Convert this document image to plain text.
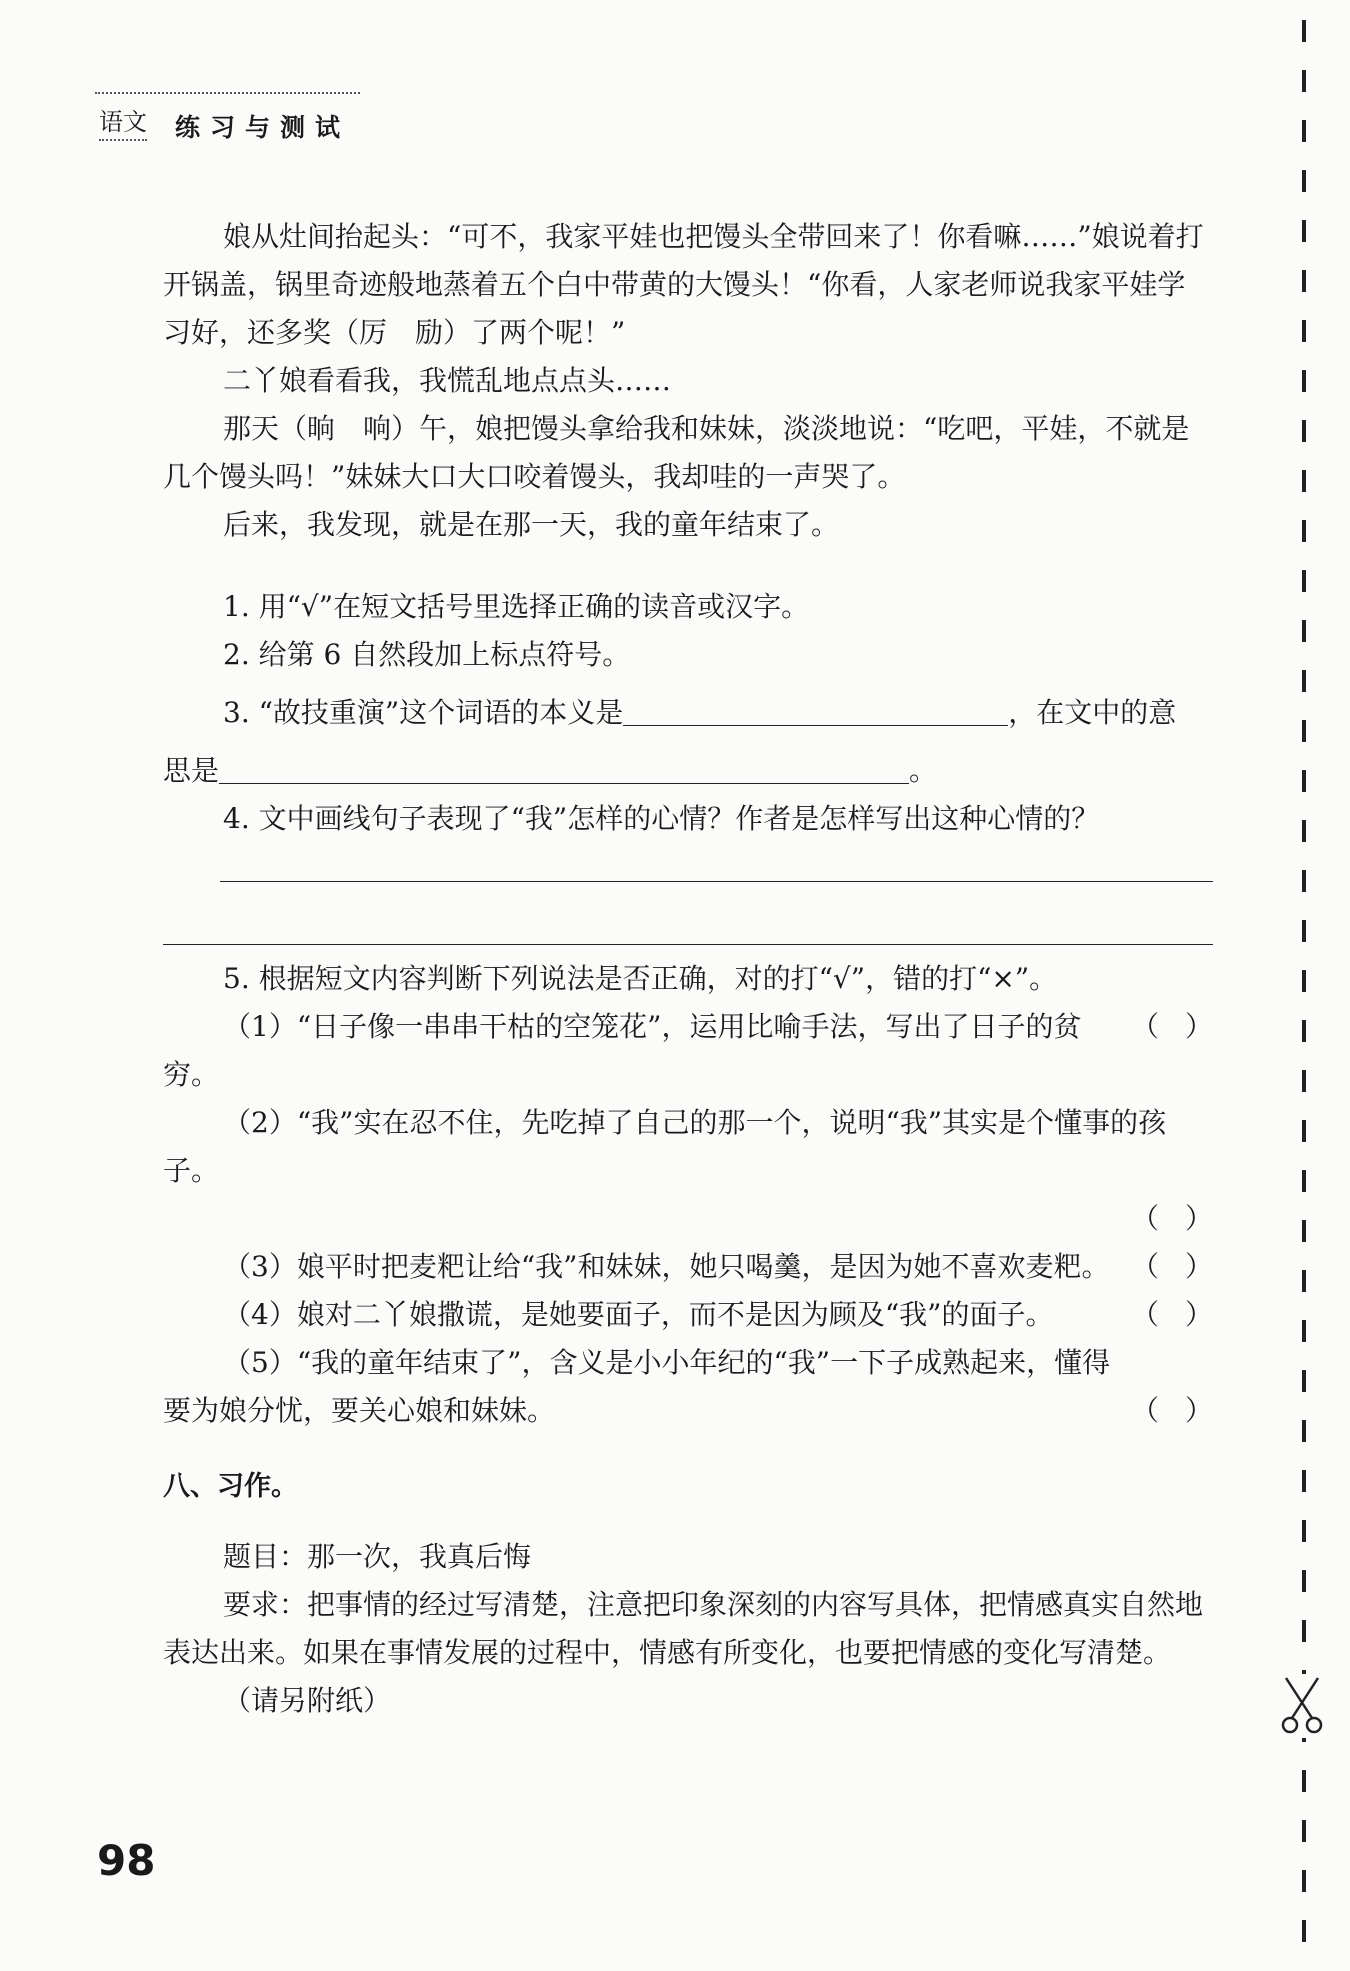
语文 练习与测试

娘从灶间抬起头：“可不，我家平娃也把馒头全带回来了！你看嘛……”娘说着打开锅盖，锅里奇迹般地蒸着五个白中带黄的大馒头！“你看，人家老师说我家平娃学习好，还多奖（厉　励）了两个呢！”

二丫娘看看我，我慌乱地点点头……

那天（晌　响）午，娘把馒头拿给我和妹妹，淡淡地说：“吃吧，平娃，不就是几个馒头吗！”妹妹大口大口咬着馒头，我却哇的一声哭了。

后来，我发现，就是在那一天，我的童年结束了。

1. 用“√”在短文括号里选择正确的读音或汉字。

2. 给第 6 自然段加上标点符号。

3. “故技重演”这个词语的本义是	，在文中的意

思是	。

4. 文中画线句子表现了“我”怎样的心情？作者是怎样写出这种心情的？

5. 根据短文内容判断下列说法是否正确，对的打“√”，错的打“×”。

（1）“日子像一串串干枯的空笼花”，运用比喻手法，写出了日子的贫穷。

（ ）

（2）“我”实在忍不住，先吃掉了自己的那一个，说明“我”其实是个懂事的孩子。

（ ）

（3）娘平时把麦粑让给“我”和妹妹，她只喝羹，是因为她不喜欢麦粑。 （ ）

（4）娘对二丫娘撒谎，是她要面子，而不是因为顾及“我”的面子。	（ ）

（5）“我的童年结束了”，含义是小小年纪的“我”一下子成熟起来，懂得要为娘分忧，要关心娘和妹妹。	（ ）

八、习作。

题目：那一次，我真后悔

要求：把事情的经过写清楚，注意把印象深刻的内容写具体，把情感真实自然地表达出来。如果在事情发展的过程中，情感有所变化，也要把情感的变化写清楚。

（请另附纸）

98
